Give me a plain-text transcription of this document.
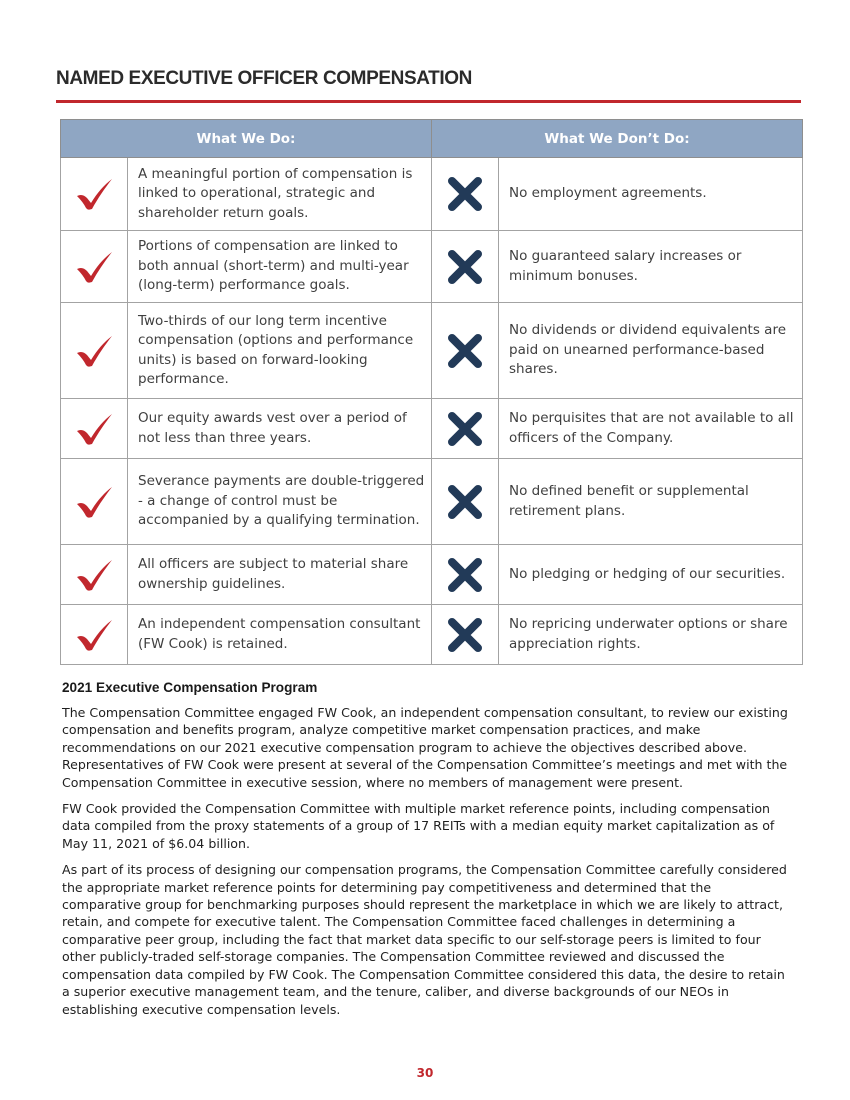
NAMED EXECUTIVE OFFICER COMPENSATION
What We Do:		What We Don’t Do:	

	A meaningful portion of compensation is linked to operational, strategic and shareholder return goals.		No employment agreements.

	Portions of compensation are linked to both annual (short-term) and multi-year (long-term) performance goals.		No guaranteed salary increases or minimum bonuses.

	Two-thirds of our long term incentive compensation (options and performance units) is based on forward-looking performance.		No dividends or dividend equivalents are paid on unearned performance-based shares.

	Our equity awards vest over a period of not less than three years.		No perquisites that are not available to all officers of the Company.

	Severance payments are double-triggered - a change of control must be accompanied by a qualifying termination.		No defined benefit or supplemental retirement plans.

	All officers are subject to material share ownership guidelines.		No pledging or hedging of our securities.

	An independent compensation consultant (FW Cook) is retained.		No repricing underwater options or share appreciation rights.
2021 Executive Compensation Program

The Compensation Committee engaged FW Cook, an independent compensation consultant, to review our existing compensation and benefits program, analyze competitive market compensation practices, and make recommendations on our 2021 executive compensation program to achieve the objectives described above. Representatives of FW Cook were present at several of the Compensation Committee’s meetings and met with the Compensation Committee in executive session, where no members of management were present.

FW Cook provided the Compensation Committee with multiple market reference points, including compensation data compiled from the proxy statements of a group of 17 REITs with a median equity market capitalization as of May 11, 2021 of $6.04 billion.

As part of its process of designing our compensation programs, the Compensation Committee carefully considered the appropriate market reference points for determining pay competitiveness and determined that the comparative group for benchmarking purposes should represent the marketplace in which we are likely to attract, retain, and compete for executive talent. The Compensation Committee faced challenges in determining a comparative peer group, including the fact that market data specific to our self-storage peers is limited to four other publicly-traded self-storage companies. The Compensation Committee reviewed and discussed the compensation data compiled by FW Cook. The Compensation Committee considered this data, the desire to retain a superior executive management team, and the tenure, caliber, and diverse backgrounds of our NEOs in establishing executive compensation levels.

30
